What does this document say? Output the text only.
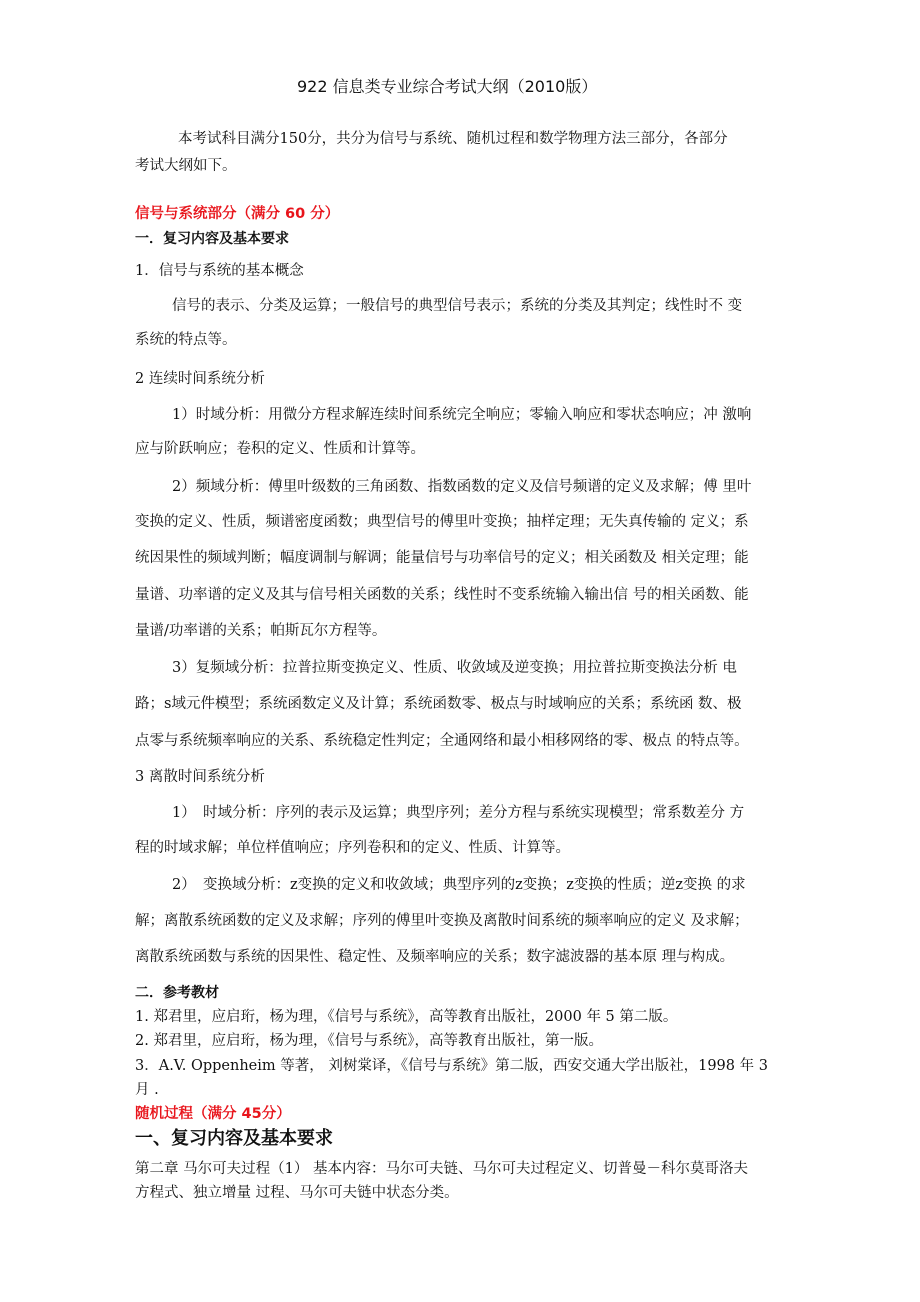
922 信息类专业综合考试大纲（2010版）
本考试科目满分150分，共分为信号与系统、随机过程和数学物理方法三部分，各部分
考试大纲如下。
信号与系统部分（满分 60 分）
一．复习内容及基本要求
1．信号与系统的基本概念
信号的表示、分类及运算；一般信号的典型信号表示；系统的分类及其判定；线性时不 变
系统的特点等。
2 连续时间系统分析
1）时域分析：用微分方程求解连续时间系统完全响应；零输入响应和零状态响应；冲 激响
应与阶跃响应；卷积的定义、性质和计算等。
2）频域分析：傅里叶级数的三角函数、指数函数的定义及信号频谱的定义及求解；傅 里叶
变换的定义、性质，频谱密度函数；典型信号的傅里叶变换；抽样定理；无失真传输的 定义；系
统因果性的频域判断；幅度调制与解调；能量信号与功率信号的定义；相关函数及 相关定理；能
量谱、功率谱的定义及其与信号相关函数的关系；线性时不变系统输入输出信 号的相关函数、能
量谱/功率谱的关系；帕斯瓦尔方程等。
3）复频域分析：拉普拉斯变换定义、性质、收敛域及逆变换；用拉普拉斯变换法分析 电
路；s域元件模型；系统函数定义及计算；系统函数零、极点与时域响应的关系；系统函 数、极
点零与系统频率响应的关系、系统稳定性判定；全通网络和最小相移网络的零、极点 的特点等。
3 离散时间系统分析
1）　时域分析：序列的表示及运算；典型序列；差分方程与系统实现模型；常系数差分 方
程的时域求解；单位样值响应；序列卷积和的定义、性质、计算等。
2）　变换域分析：z变换的定义和收敛域；典型序列的z变换；z变换的性质；逆z变换 的求
解；离散系统函数的定义及求解；序列的傅里叶变换及离散时间系统的频率响应的定义 及求解；
离散系统函数与系统的因果性、稳定性、及频率响应的关系；数字滤波器的基本原 理与构成。
二．参考教材
1. 郑君里，应启珩，杨为理，《信号与系统》，高等教育出版社，2000 年 5 第二版。
2. 郑君里，应启珩，杨为理，《信号与系统》，高等教育出版社，第一版。
3．A.V. Oppenheim 等著， 刘树棠译，《信号与系统》第二版，西安交通大学出版社，1998 年 3
月 .
随机过程（满分 45分）
一、复习内容及基本要求
第二章 马尔可夫过程（1） 基本内容：马尔可夫链、马尔可夫过程定义、切普曼－科尔莫哥洛夫
方程式、独立增量 过程、马尔可夫链中状态分类。
